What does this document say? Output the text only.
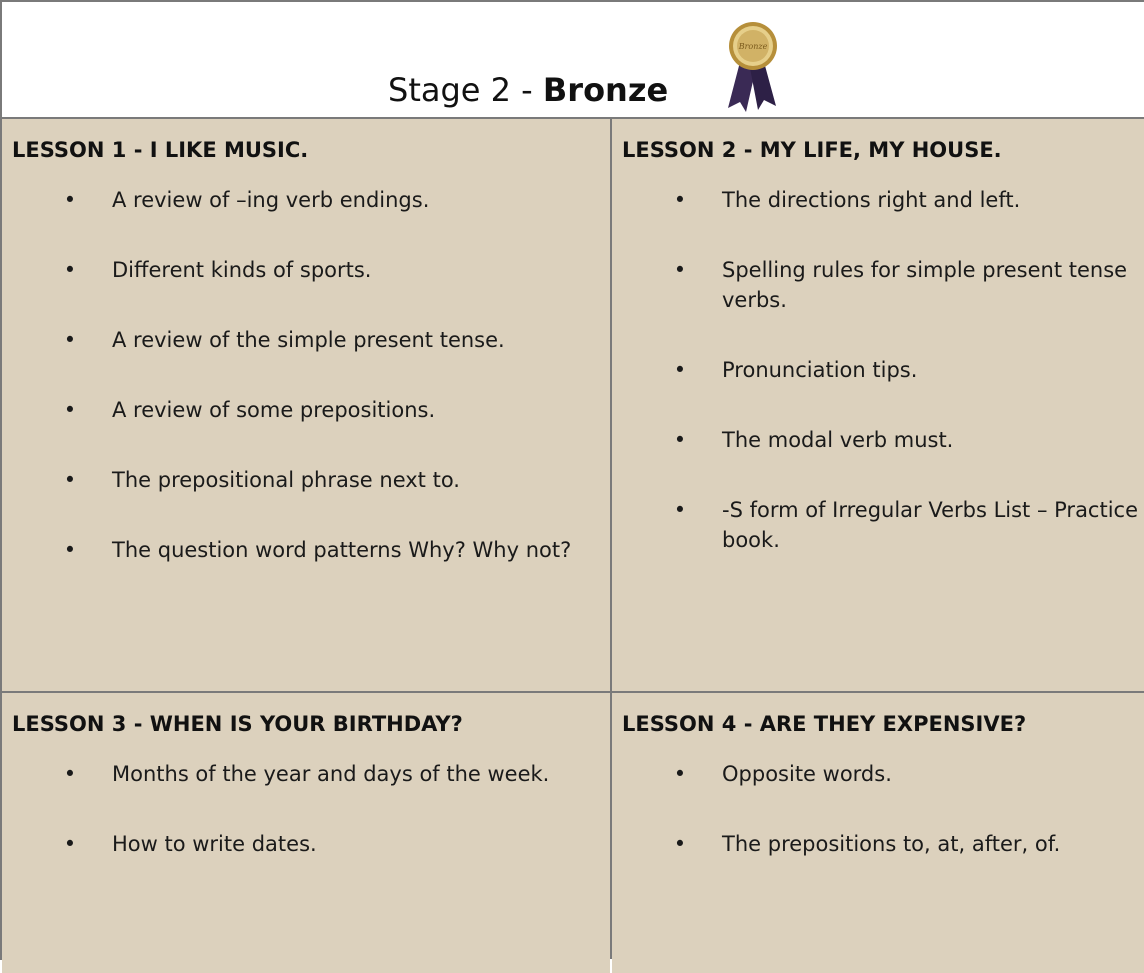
Stage 2 - Bronze
Bronze
LESSON 1 - I LIKE MUSIC.
• A review of –ing verb endings.
• Different kinds of sports.
• A review of the simple present tense.
• A review of some prepositions.
• The prepositional phrase next to.
• The question word patterns Why? Why not?
LESSON 2 - MY LIFE, MY HOUSE.
• The directions right and left.
• Spelling rules for simple present tense verbs.
• Pronunciation tips.
• The modal verb must.
• -S form of Irregular Verbs List – Practice book.
LESSON 3 - WHEN IS YOUR BIRTHDAY?
• Months of the year and days of the week.
• How to write dates.
LESSON 4 - ARE THEY EXPENSIVE?
• Opposite words.
• The prepositions to, at, after, of.
